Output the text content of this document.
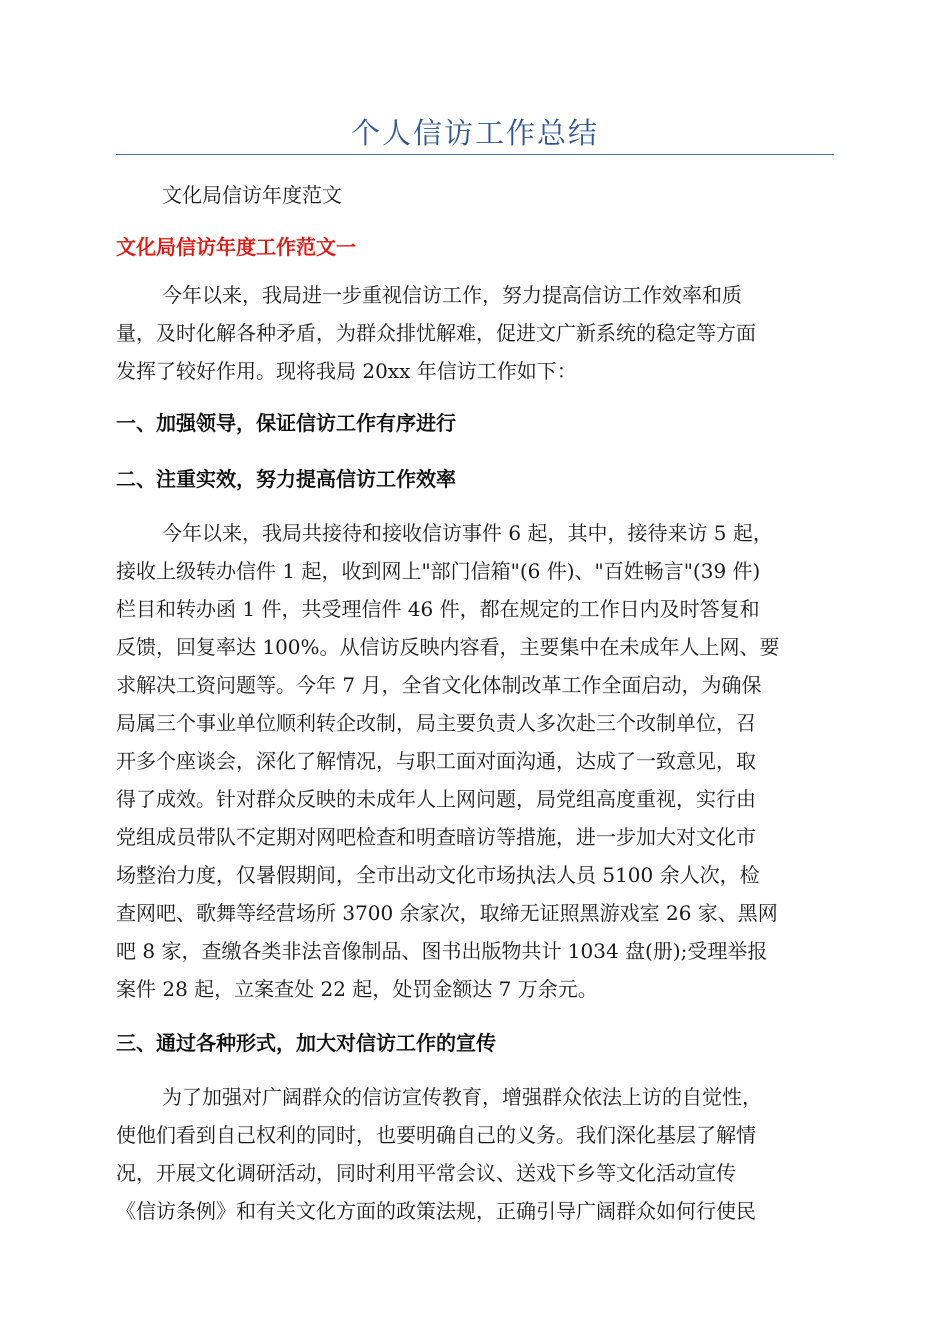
个人信访工作总结
文化局信访年度范文
文化局信访年度工作范文一
今年以来，我局进一步重视信访工作，努力提高信访工作效率和质
量，及时化解各种矛盾，为群众排忧解难，促进文广新系统的稳定等方面
发挥了较好作用。现将我局 20xx 年信访工作如下：
一、加强领导，保证信访工作有序进行
二、注重实效，努力提高信访工作效率
今年以来，我局共接待和接收信访事件 6 起，其中，接待来访 5 起，
接收上级转办信件 1 起，收到网上"部门信箱"(6 件)、"百姓畅言"(39 件)
栏目和转办函 1 件，共受理信件 46 件，都在规定的工作日内及时答复和
反馈，回复率达 100%。从信访反映内容看，主要集中在未成年人上网、要
求解决工资问题等。今年 7 月，全省文化体制改革工作全面启动，为确保
局属三个事业单位顺利转企改制，局主要负责人多次赴三个改制单位，召
开多个座谈会，深化了解情况，与职工面对面沟通，达成了一致意见，取
得了成效。针对群众反映的未成年人上网问题，局党组高度重视，实行由
党组成员带队不定期对网吧检查和明查暗访等措施，进一步加大对文化市
场整治力度，仅暑假期间，全市出动文化市场执法人员 5100 余人次，检
查网吧、歌舞等经营场所 3700 余家次，取缔无证照黑游戏室 26 家、黑网
吧 8 家，查缴各类非法音像制品、图书出版物共计 1034 盘(册);受理举报
案件 28 起，立案查处 22 起，处罚金额达 7 万余元。
三、通过各种形式，加大对信访工作的宣传
为了加强对广阔群众的信访宣传教育，增强群众依法上访的自觉性，
使他们看到自己权利的同时，也要明确自己的义务。我们深化基层了解情
况，开展文化调研活动，同时利用平常会议、送戏下乡等文化活动宣传
《信访条例》和有关文化方面的政策法规，正确引导广阔群众如何行使民
